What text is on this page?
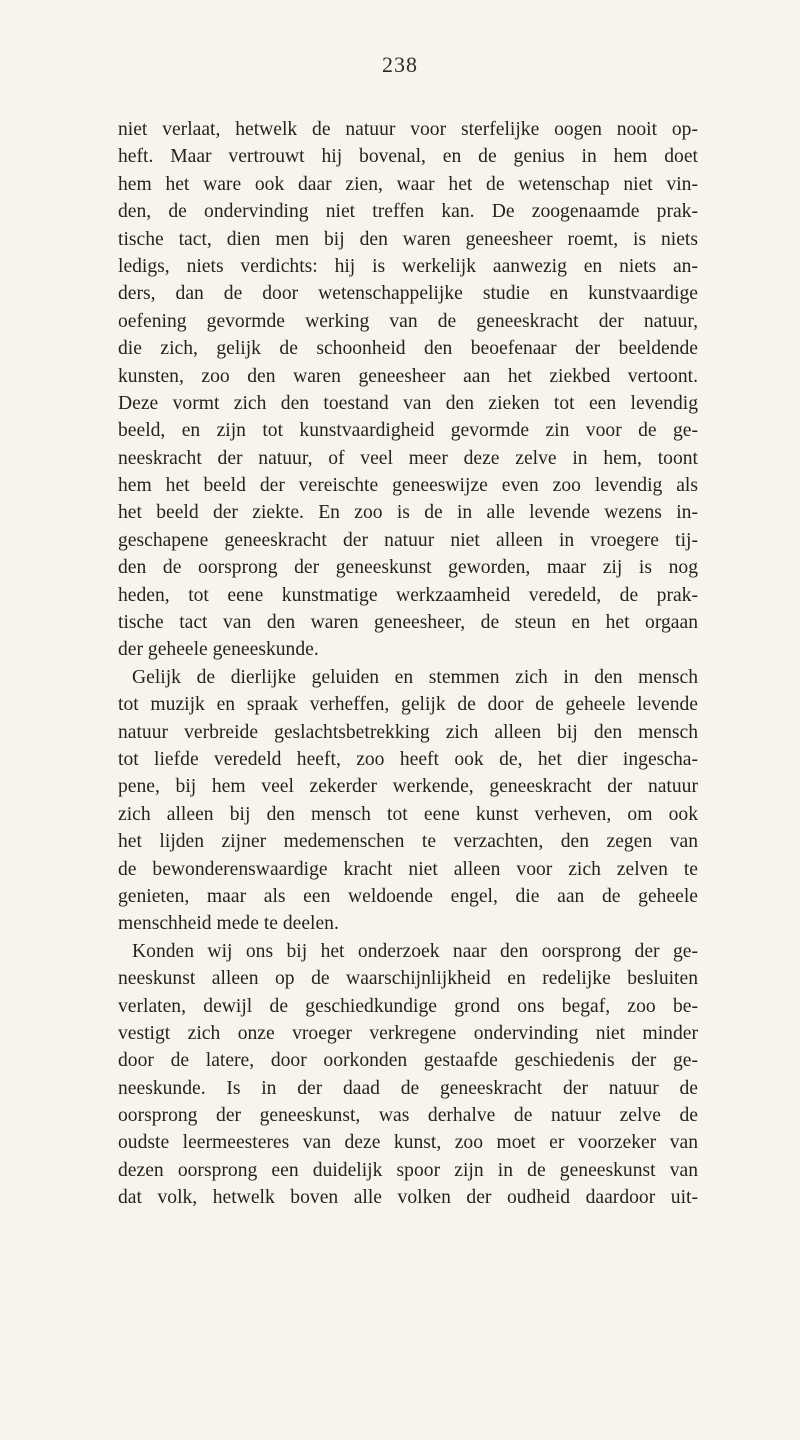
238
niet verlaat, hetwelk de natuur voor sterfelijke oogen nooit op-
heft. Maar vertrouwt hij bovenal, en de genius in hem doet
hem het ware ook daar zien, waar het de wetenschap niet vin-
den, de ondervinding niet treffen kan. De zoogenaamde prak-
tische tact, dien men bij den waren geneesheer roemt, is niets
ledigs, niets verdichts: hij is werkelijk aanwezig en niets an-
ders, dan de door wetenschappelijke studie en kunstvaardige
oefening gevormde werking van de geneeskracht der natuur,
die zich, gelijk de schoonheid den beoefenaar der beeldende
kunsten, zoo den waren geneesheer aan het ziekbed vertoont.
Deze vormt zich den toestand van den zieken tot een levendig
beeld, en zijn tot kunstvaardigheid gevormde zin voor de ge-
neeskracht der natuur, of veel meer deze zelve in hem, toont
hem het beeld der vereischte geneeswijze even zoo levendig als
het beeld der ziekte. En zoo is de in alle levende wezens in-
geschapene geneeskracht der natuur niet alleen in vroegere tij-
den de oorsprong der geneeskunst geworden, maar zij is nog
heden, tot eene kunstmatige werkzaamheid veredeld, de prak-
tische tact van den waren geneesheer, de steun en het orgaan
der geheele geneeskunde.
Gelijk de dierlijke geluiden en stemmen zich in den mensch
tot muzijk en spraak verheffen, gelijk de door de geheele levende
natuur verbreide geslachtsbetrekking zich alleen bij den mensch
tot liefde veredeld heeft, zoo heeft ook de, het dier ingescha-
pene, bij hem veel zekerder werkende, geneeskracht der natuur
zich alleen bij den mensch tot eene kunst verheven, om ook
het lijden zijner medemenschen te verzachten, den zegen van
de bewonderenswaardige kracht niet alleen voor zich zelven te
genieten, maar als een weldoende engel, die aan de geheele
menschheid mede te deelen.
Konden wij ons bij het onderzoek naar den oorsprong der ge-
neeskunst alleen op de waarschijnlijkheid en redelijke besluiten
verlaten, dewijl de geschiedkundige grond ons begaf, zoo be-
vestigt zich onze vroeger verkregene ondervinding niet minder
door de latere, door oorkonden gestaafde geschiedenis der ge-
neeskunde. Is in der daad de geneeskracht der natuur de
oorsprong der geneeskunst, was derhalve de natuur zelve de
oudste leermeesteres van deze kunst, zoo moet er voorzeker van
dezen oorsprong een duidelijk spoor zijn in de geneeskunst van
dat volk, hetwelk boven alle volken der oudheid daardoor uit-
